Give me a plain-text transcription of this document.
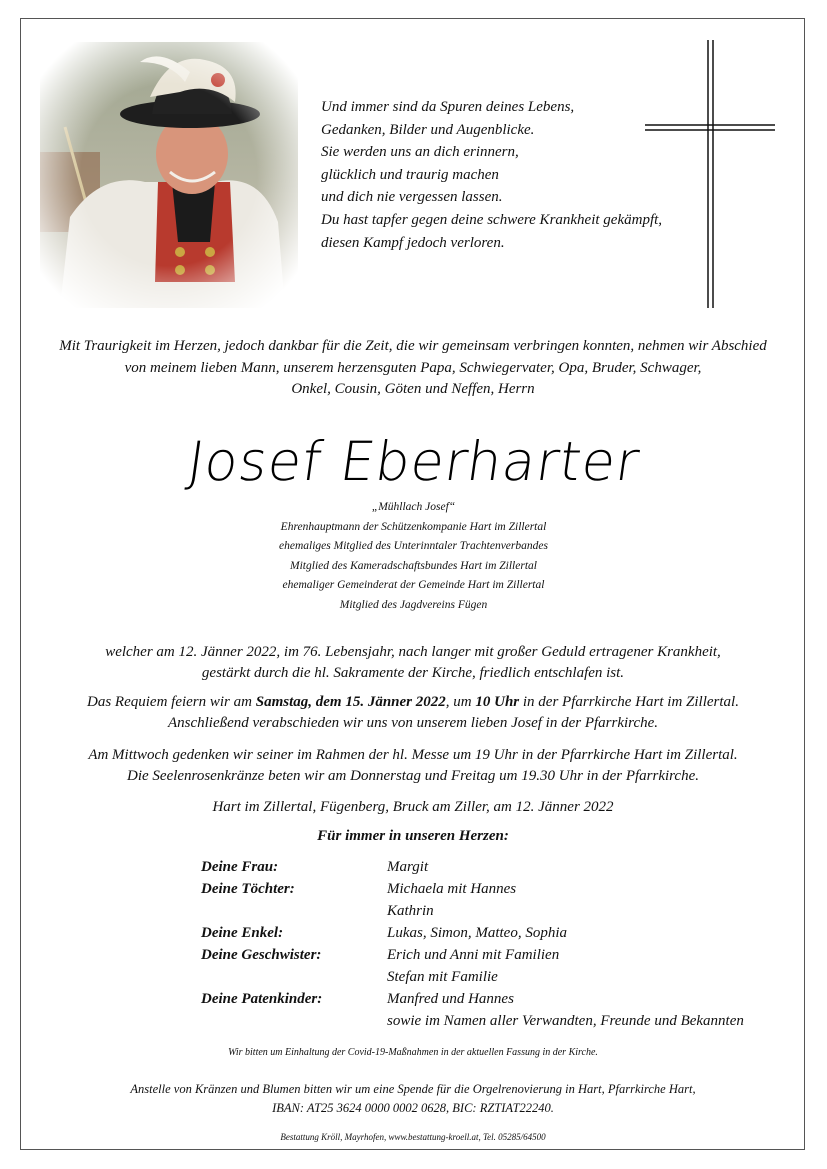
Und immer sind da Spuren deines Lebens,
Gedanken, Bilder und Augenblicke.
Sie werden uns an dich erinnern,
glücklich und traurig machen
und dich nie vergessen lassen.
Du hast tapfer gegen deine schwere Krankheit gekämpft,
diesen Kampf jedoch verloren.
Mit Traurigkeit im Herzen, jedoch dankbar für die Zeit, die wir gemeinsam verbringen konnten, nehmen wir Abschied
von meinem lieben Mann, unserem herzensguten Papa, Schwiegervater, Opa, Bruder, Schwager,
Onkel, Cousin, Göten und Neffen, Herrn
Josef Eberharter
„Mühllach Josef“
Ehrenhauptmann der Schützenkompanie Hart im Zillertal
ehemaliges Mitglied des Unterinntaler Trachtenverbandes
Mitglied des Kameradschaftsbundes Hart im Zillertal
ehemaliger Gemeinderat der Gemeinde Hart im Zillertal
Mitglied des Jagdvereins Fügen
welcher am 12. Jänner 2022, im 76. Lebensjahr, nach langer mit großer Geduld ertragener Krankheit,
gestärkt durch die hl. Sakramente der Kirche, friedlich entschlafen ist.
Das Requiem feiern wir am Samstag, dem 15. Jänner 2022, um 10 Uhr in der Pfarrkirche Hart im Zillertal.
Anschließend verabschieden wir uns von unserem lieben Josef in der Pfarrkirche.
Am Mittwoch gedenken wir seiner im Rahmen der hl. Messe um 19 Uhr in der Pfarrkirche Hart im Zillertal.
Die Seelenrosenkränze beten wir am Donnerstag und Freitag um 19.30 Uhr in der Pfarrkirche.
Hart im Zillertal, Fügenberg, Bruck am Ziller, am 12. Jänner 2022
Für immer in unseren Herzen:
Deine Frau:	Margit
Deine Töchter:	Michaela mit Hannes
Kathrin
Deine Enkel:	Lukas, Simon, Matteo, Sophia
Deine Geschwister:	Erich und Anni mit Familien
Stefan mit Familie
Deine Patenkinder:	Manfred und Hannes
sowie im Namen aller Verwandten, Freunde und Bekannten
Wir bitten um Einhaltung der Covid-19-Maßnahmen in der aktuellen Fassung in der Kirche.
Anstelle von Kränzen und Blumen bitten wir um eine Spende für die Orgelrenovierung in Hart, Pfarrkirche Hart,
IBAN: AT25 3624 0000 0002 0628, BIC: RZTIAT22240.
Bestattung Kröll, Mayrhofen, www.bestattung-kroell.at, Tel. 05285/64500
